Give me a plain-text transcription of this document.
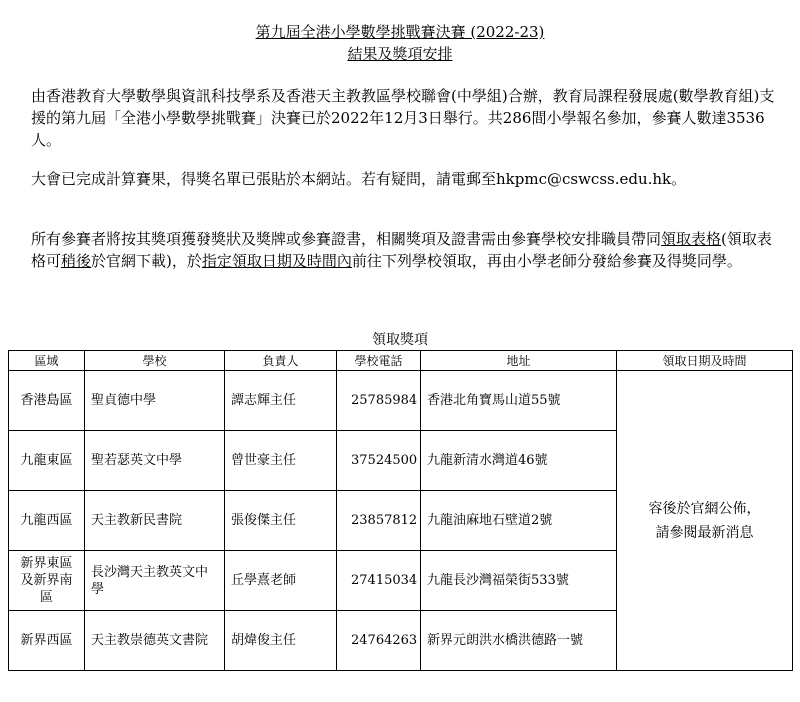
第九屆全港小學數學挑戰賽決賽 (2022-23)
結果及獎項安排

由香港教育大學數學與資訊科技學系及香港天主教教區學校聯會(中學組)合辦，教育局課程發展處(數學教育組)支援的第九屆「全港小學數學挑戰賽」決賽已於2022年12月3日舉行。共286間小學報名參加，參賽人數達3536人。

大會已完成計算賽果，得獎名單已張貼於本網站。若有疑問，請電郵至hkpmc@cswcss.edu.hk。

所有參賽者將按其獎項獲發獎狀及獎牌或參賽證書，相關獎項及證書需由參賽學校安排職員帶同領取表格(領取表格可稍後於官網下載)，於指定領取日期及時間內前往下列學校領取，再由小學老師分發給參賽及得獎同學。

領取獎項
區域	學校	負責人	學校電話	地址	領取日期及時間
香港島區	聖貞德中學	譚志輝主任	25785984	香港北角寶馬山道55號	容後於官網公佈，請參閱最新消息
九龍東區	聖若瑟英文中學	曾世豪主任	37524500	九龍新清水灣道46號	
九龍西區	天主教新民書院	張俊傑主任	23857812	九龍油麻地石壁道2號	
新界東區及新界南區	長沙灣天主教英文中學	丘學熹老師	27415034	九龍長沙灣福榮街533號	
新界西區	天主教崇德英文書院	胡煒俊主任	24764263	新界元朗洪水橋洪德路一號	
